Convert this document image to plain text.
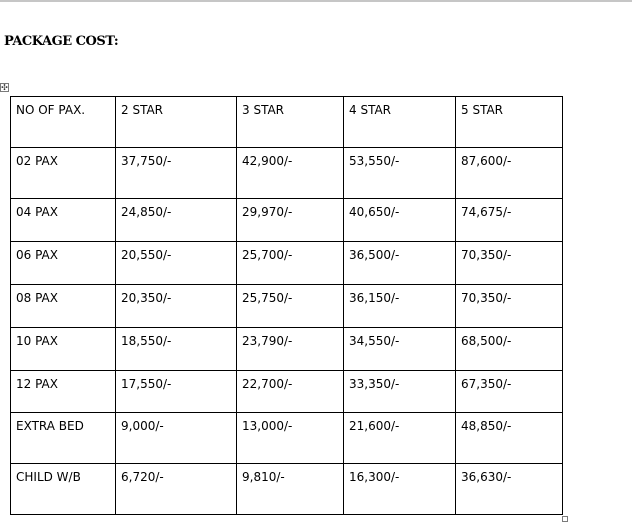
PACKAGE COST:
✣
NO OF PAX.	2 STAR	3 STAR	4 STAR	5 STAR

02 PAX	37,750/-	42,900/-	53,550/-	87,600/-

04 PAX	24,850/-	29,970/-	40,650/-	74,675/-

06 PAX	20,550/-	25,700/-	36,500/-	70,350/-

08 PAX	20,350/-	25,750/-	36,150/-	70,350/-

10 PAX	18,550/-	23,790/-	34,550/-	68,500/-

12 PAX	17,550/-	22,700/-	33,350/-	67,350/-

EXTRA BED	9,000/-	13,000/-	21,600/-	48,850/-

CHILD W/B	6,720/-	9,810/-	16,300/-	36,630/-
